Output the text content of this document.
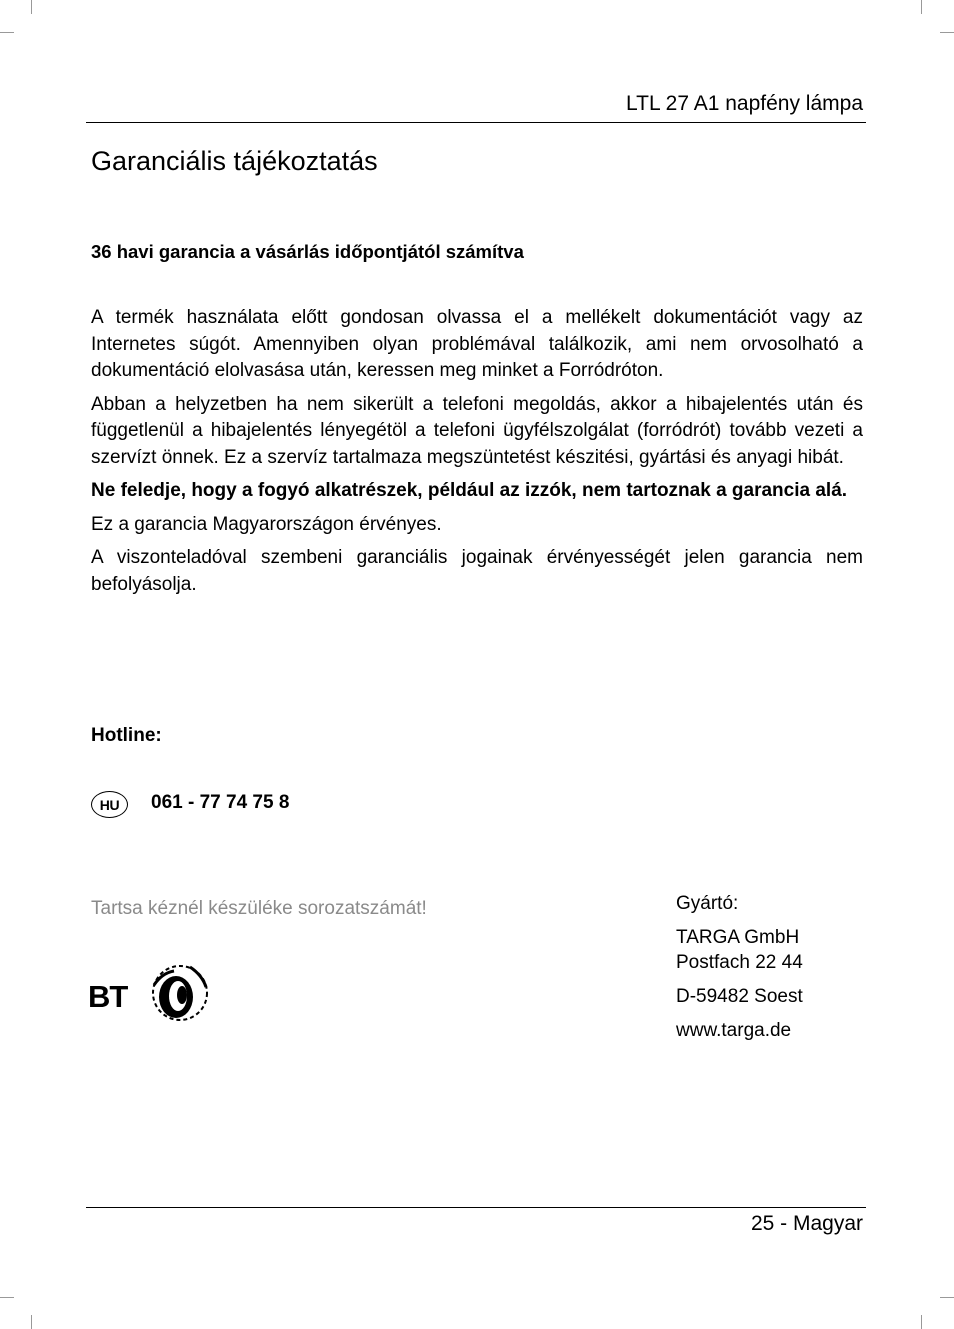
LTL 27 A1 napfény lámpa
Garanciális tájékoztatás
36 havi garancia a vásárlás időpontjától számítva

A termék használata előtt gondosan olvassa el a mellékelt dokumentációt vagy az Internetes súgót. Amennyiben olyan problémával találkozik, ami nem orvosolható a dokumentáció elolvasása után, keressen meg minket a Forródróton.

Abban a helyzetben ha nem sikerült a telefoni megoldás, akkor a hibajelentés után és függetlenül a hibajelentés lényegétöl a telefoni ügyfélszolgálat (forródrót) tovább vezeti a szervízt önnek. Ez a szervíz tartalmaza megszüntetést készitési, gyártási és anyagi hibát.

Ne feledje, hogy a fogyó alkatrészek, például az izzók, nem tartoznak a garancia alá.

Ez a garancia Magyarországon érvényes.

A viszonteladóval szembeni garanciális jogainak érvényességét jelen garancia nem befolyásolja.

Hotline:
HU 061 - 77 74 75 8
Tartsa kéznél készüléke sorozatszámát!
BT
Gyártó:
TARGA GmbH
Postfach 22 44
D-59482 Soest
www.targa.de
25 - Magyar
